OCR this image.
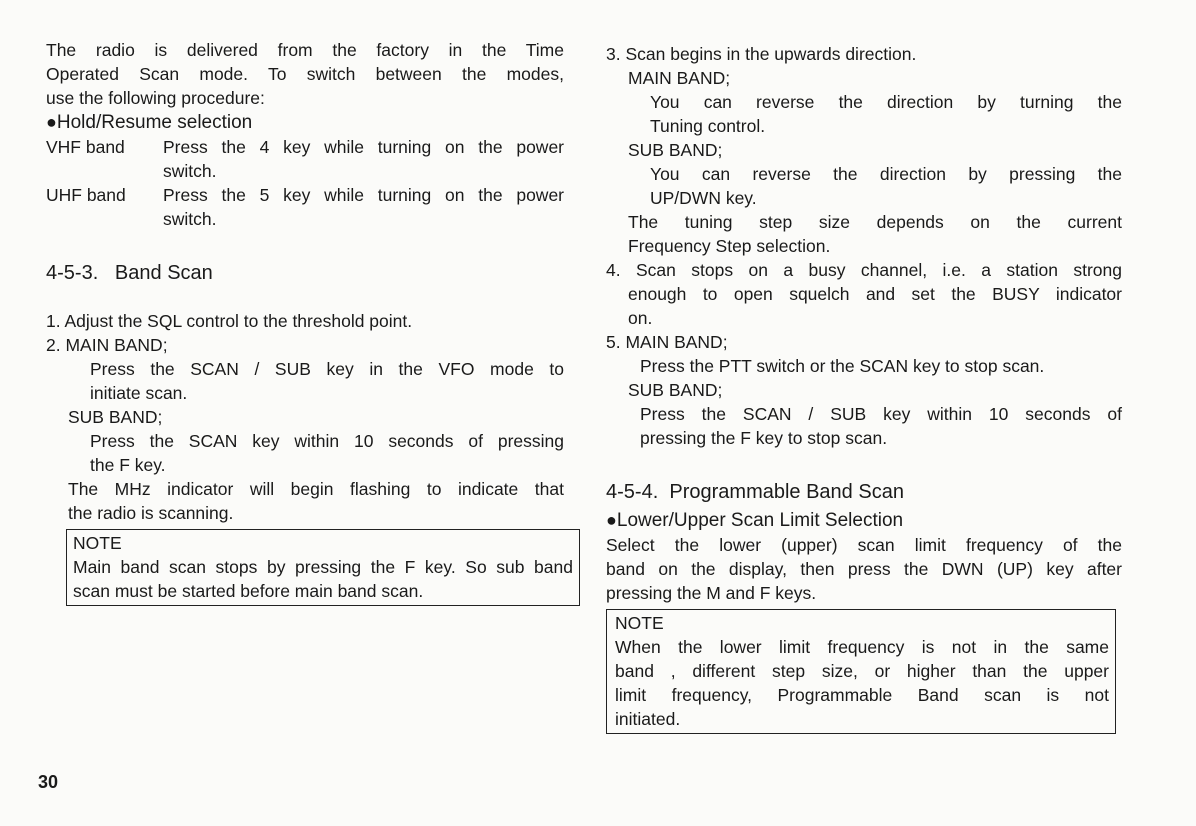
The radio is delivered from the factory in the Time

Operated Scan mode. To switch between the modes,

use the following procedure:

●Hold/Resume selection

VHF band	Press the 4 key while turning on the power
switch.
UHF band	Press the 5 key while turning on the power
switch.

4-5-3. Band Scan

1. Adjust the SQL control to the threshold point.

2. MAIN BAND;

Press the SCAN / SUB key in the VFO mode to

initiate scan.

SUB BAND;

Press the SCAN key within 10 seconds of pressing

the F key.

The MHz indicator will begin flashing to indicate that

the radio is scanning.

NOTE
Main band scan stops by pressing the F key. So sub band
scan must be started before main band scan.

3. Scan begins in the upwards direction.

MAIN BAND;

You can reverse the direction by turning the

Tuning control.

SUB BAND;

You can reverse the direction by pressing the

UP/DWN key.

The tuning step size depends on the current

Frequency Step selection.

4. Scan stops on a busy channel, i.e. a station strong

enough to open squelch and set the BUSY indicator

on.

5. MAIN BAND;

Press the PTT switch or the SCAN key to stop scan.

SUB BAND;

Press the SCAN / SUB key within 10 seconds of

pressing the F key to stop scan.

4-5-4. Programmable Band Scan

●Lower/Upper Scan Limit Selection

Select the lower (upper) scan limit frequency of the

band on the display, then press the DWN (UP) key after

pressing the M and F keys.

NOTE
When the lower limit frequency is not in the same
band , different step size, or higher than the upper
limit frequency, Programmable Band scan is not
initiated.
30
